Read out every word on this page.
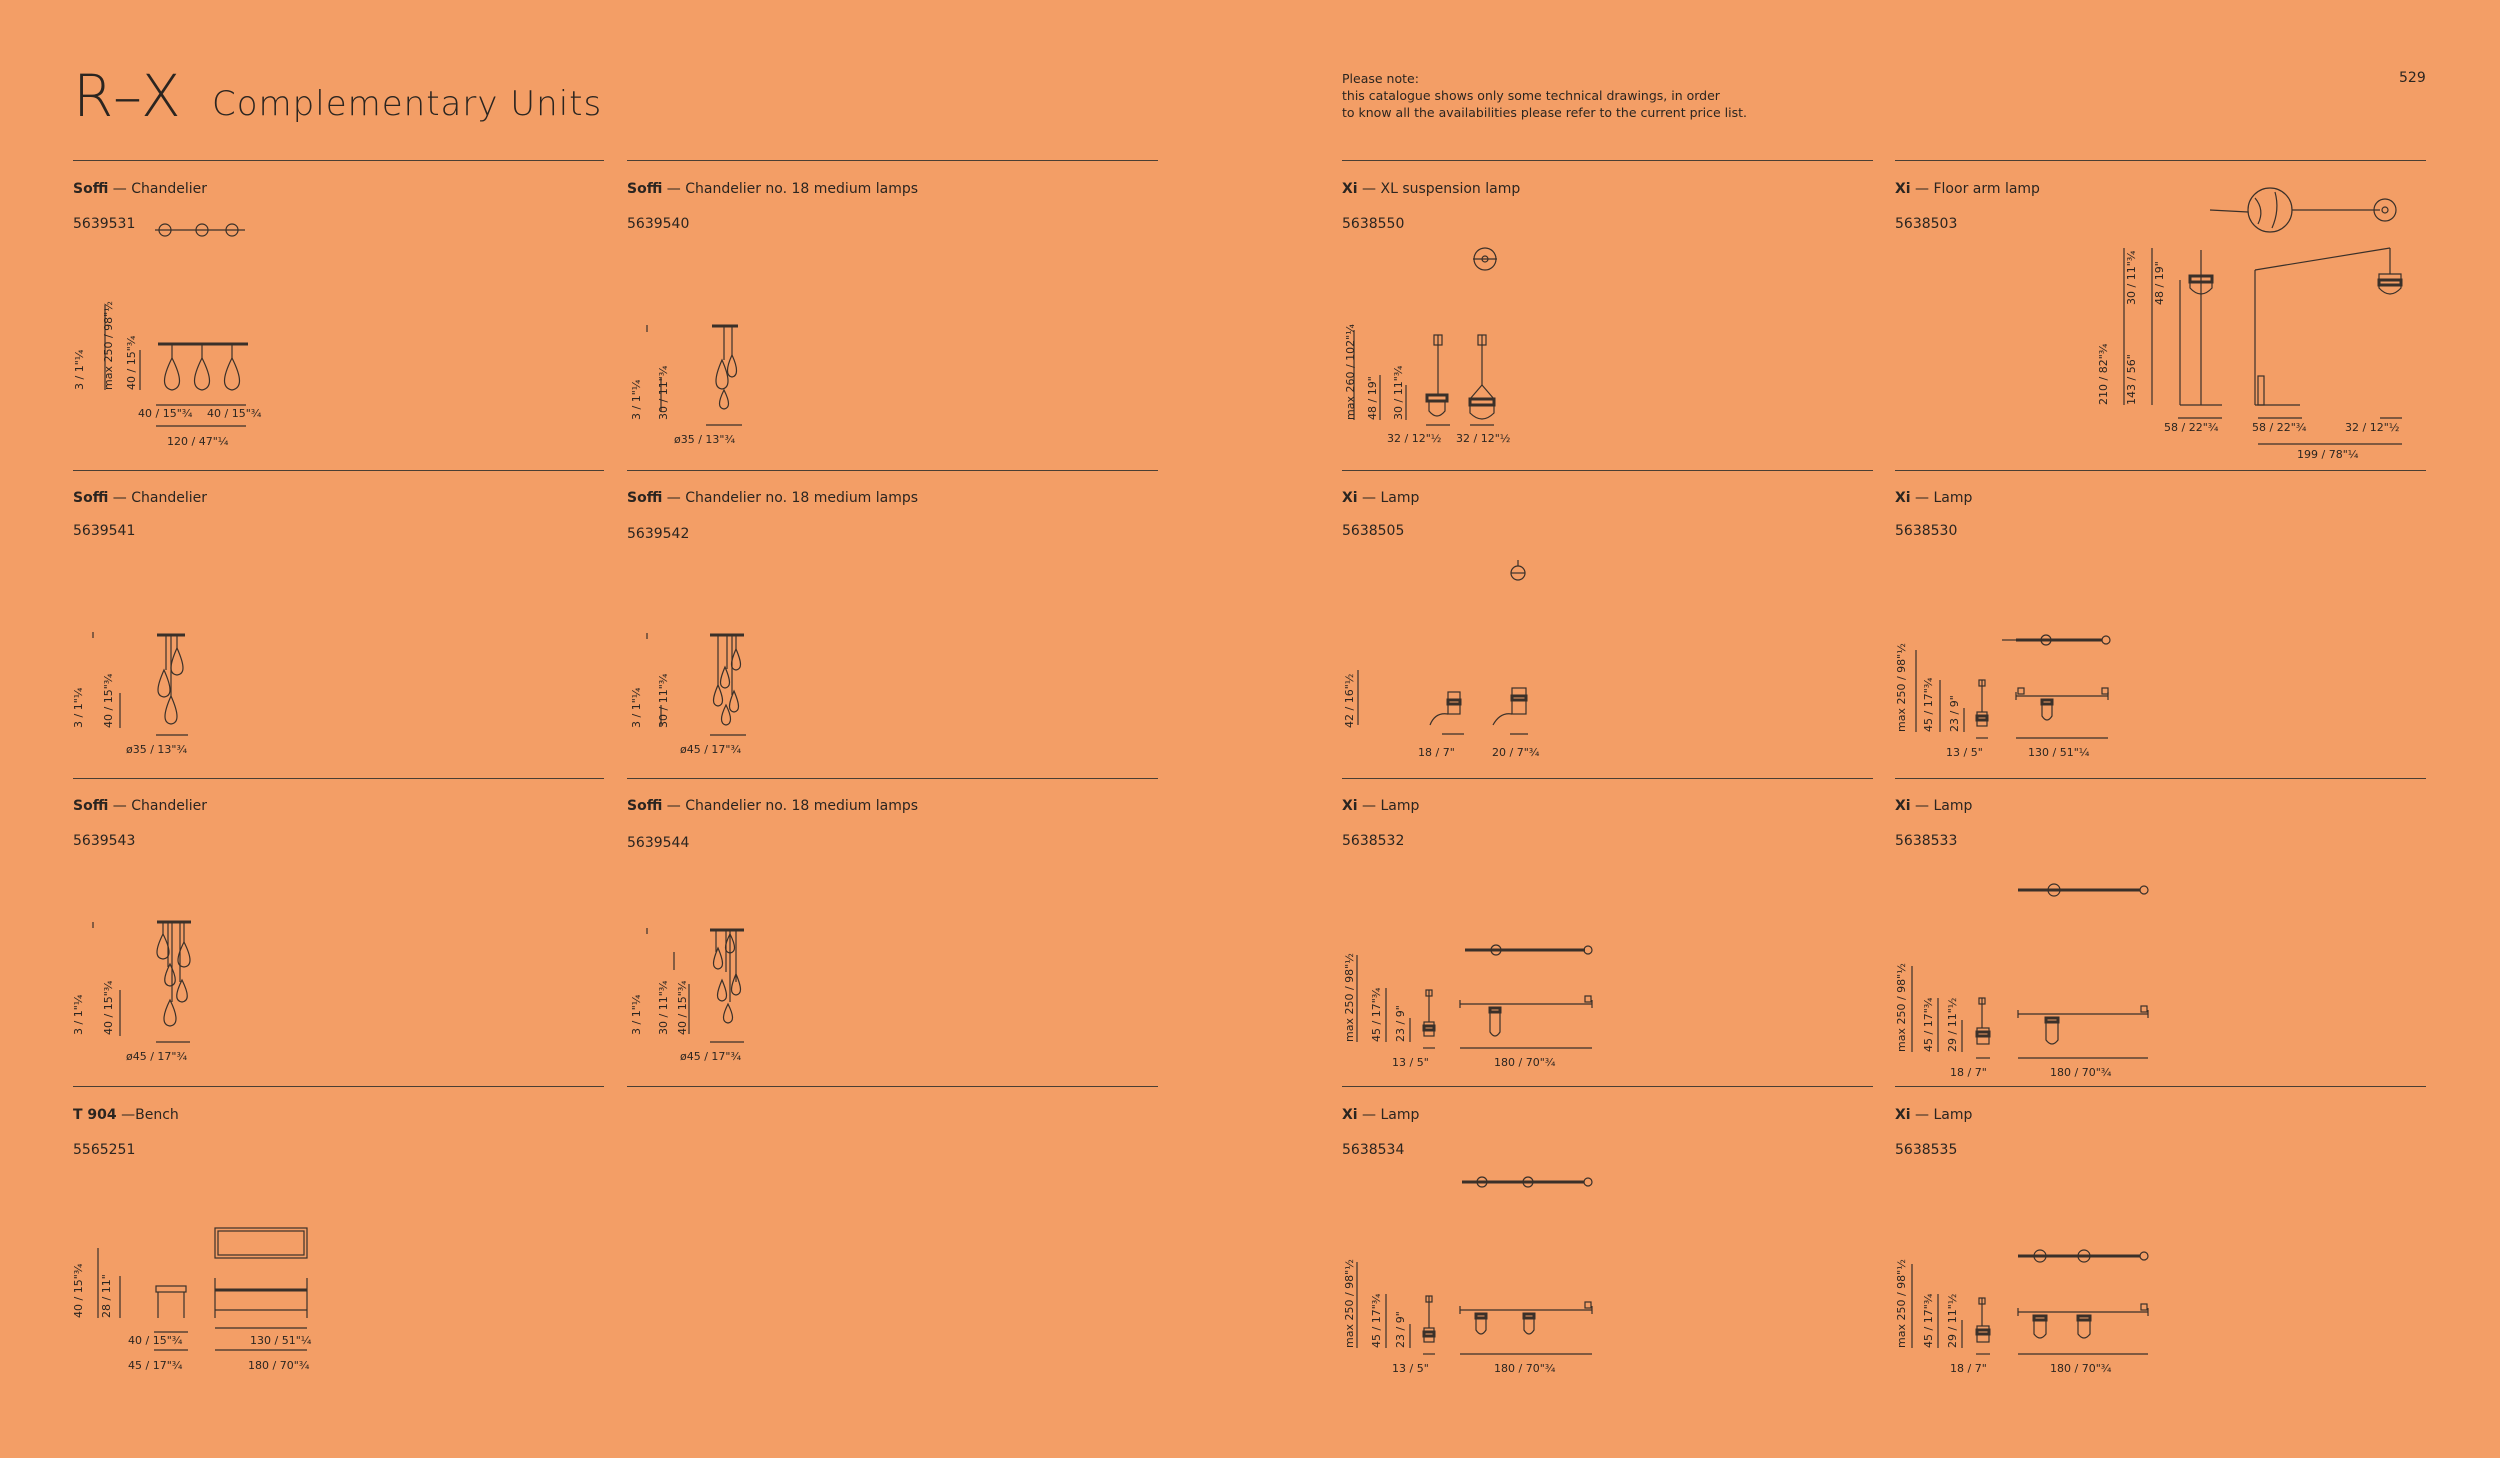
R–X Complementary Units
Please note:
this catalogue shows only some technical drawings, in order
to know all the availabilities please refer to the current price list.
529
Soffi — Chandelier
5639531
3 / 1"¼ max 250 / 98"½ 40 / 15"¾
40 / 15"¾ 40 / 15"¾
120 / 47"¼
Soffi — Chandelier no. 18 medium lamps
5639540
3 / 1"¼ 30 / 11"¾
ø35 / 13"¾
Soffi — Chandelier
5639541
3 / 1"¼ 40 / 15"¾
ø35 / 13"¾
Soffi — Chandelier no. 18 medium lamps
5639542
3 / 1"¼ 30 / 11"¾
ø45 / 17"¾
Soffi — Chandelier
5639543
3 / 1"¼ 40 / 15"¾
ø45 / 17"¾
Soffi — Chandelier no. 18 medium lamps
5639544
3 / 1"¼ 30 / 11"¾ 40 / 15"¾
ø45 / 17"¾
T 904 —Bench
5565251
40 / 15"¾ 28 / 11"
40 / 15"¾	130 / 51"¼
45 / 17"¾	180 / 70"¾
Xi — XL suspension lamp
5638550
max 260 / 102"¼ 48 / 19" 30 / 11"¾
32 / 12"½ 32 / 12"½
Xi — Floor arm lamp
5638503
210 / 82"¾ 143 / 56"
30 / 11"¾ 48 / 19"
58 / 22"¾	58 / 22"¾	32 / 12"½
199 / 78"¼
Xi — Lamp
5638505
42 / 16"½
18 / 7"	20 / 7"¾
Xi — Lamp
5638530
max 250 / 98"½ 45 / 17"¾ 23 / 9"
13 / 5"	130 / 51"¼
Xi — Lamp
5638532
max 250 / 98"½ 45 / 17"¾ 23 / 9"
13 / 5"	180 / 70"¾
Xi — Lamp
5638533
max 250 / 98"½ 45 / 17"¾ 29 / 11"½
18 / 7"	180 / 70"¾
Xi — Lamp
5638534
max 250 / 98"½ 45 / 17"¾ 23 / 9"
13 / 5"	180 / 70"¾
Xi — Lamp
5638535
max 250 / 98"½ 45 / 17"¾ 29 / 11"½
18 / 7"	180 / 70"¾
